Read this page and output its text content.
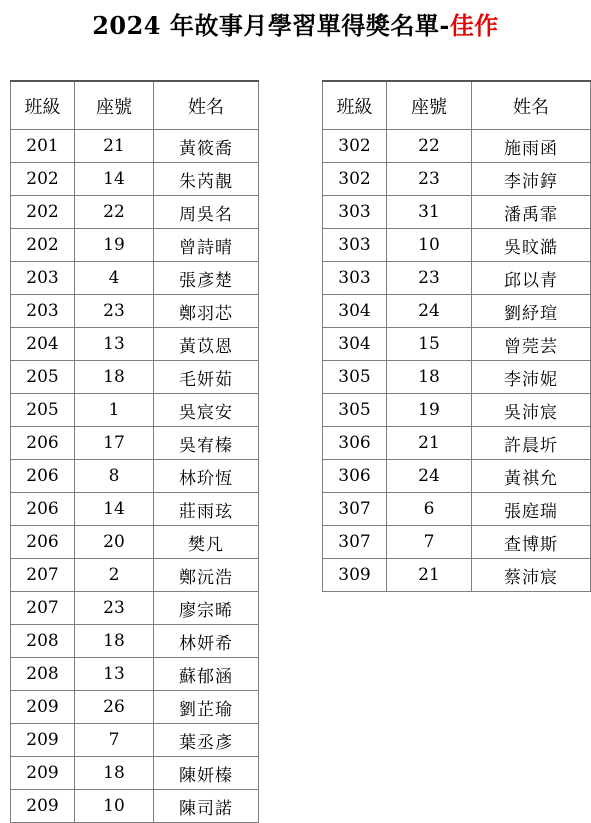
2024 年故事月學習單得獎名單-佳作
班級	座號	姓名
201	21	黃筱喬
202	14	朱芮靚
202	22	周吳名
202	19	曾詩晴
203	4	張彥楚
203	23	鄭羽芯
204	13	黃苡恩
205	18	毛妍茹
205	1	吳宸安
206	17	吳宥榛
206	8	林玠恆
206	14	莊雨玹
206	20	樊凡
207	2	鄭沅浩
207	23	廖宗晞
208	18	林妍希
208	13	蘇郁涵
209	26	劉芷瑜
209	7	葉丞彥
209	18	陳妍榛
209	10	陳司諾
班級	座號	姓名
302	22	施雨函
302	23	李沛錞
303	31	潘禹霏
303	10	吳旼澔
303	23	邱以青
304	24	劉紓瑄
304	15	曾莞芸
305	18	李沛妮
305	19	吳沛宸
306	21	許晨圻
306	24	黃祺允
307	6	張庭瑞
307	7	查博斯
309	21	蔡沛宸
